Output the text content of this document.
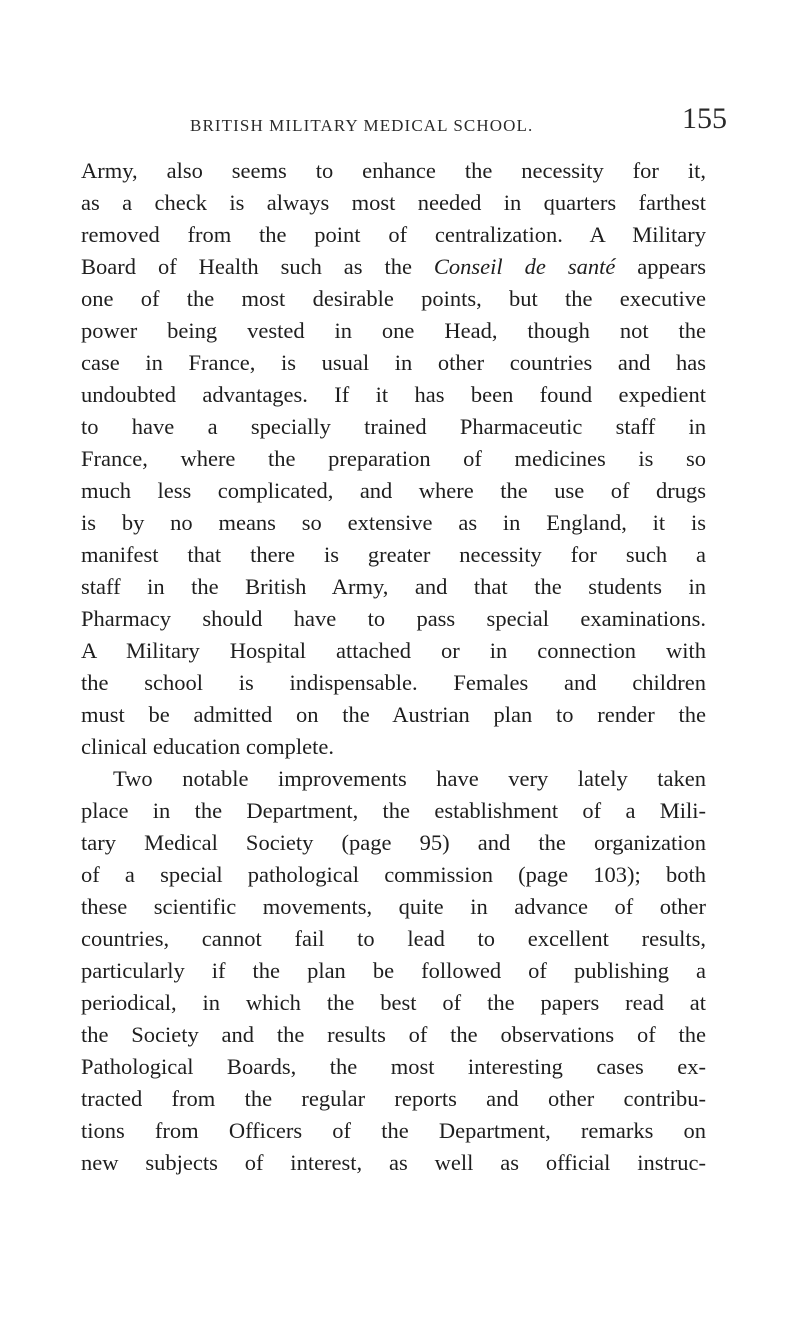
BRITISH MILITARY MEDICAL SCHOOL.	155
Army, also seems to enhance the necessity for it,
as a check is always most needed in quarters farthest
removed from the point of centralization. A Military
Board of Health such as the Conseil de santé appears
one of the most desirable points, but the executive
power being vested in one Head, though not the
case in France, is usual in other countries and has
undoubted advantages. If it has been found expedient
to have a specially trained Pharmaceutic staff in
France, where the preparation of medicines is so
much less complicated, and where the use of drugs
is by no means so extensive as in England, it is
manifest that there is greater necessity for such a
staff in the British Army, and that the students in
Pharmacy should have to pass special examinations.
A Military Hospital attached or in connection with
the school is indispensable. Females and children
must be admitted on the Austrian plan to render the
clinical education complete.
Two notable improvements have very lately taken
place in the Department, the establishment of a Mili-
tary Medical Society (page 95) and the organization
of a special pathological commission (page 103); both
these scientific movements, quite in advance of other
countries, cannot fail to lead to excellent results,
particularly if the plan be followed of publishing a
periodical, in which the best of the papers read at
the Society and the results of the observations of the
Pathological Boards, the most interesting cases ex-
tracted from the regular reports and other contribu-
tions from Officers of the Department, remarks on
new subjects of interest, as well as official instruc-
